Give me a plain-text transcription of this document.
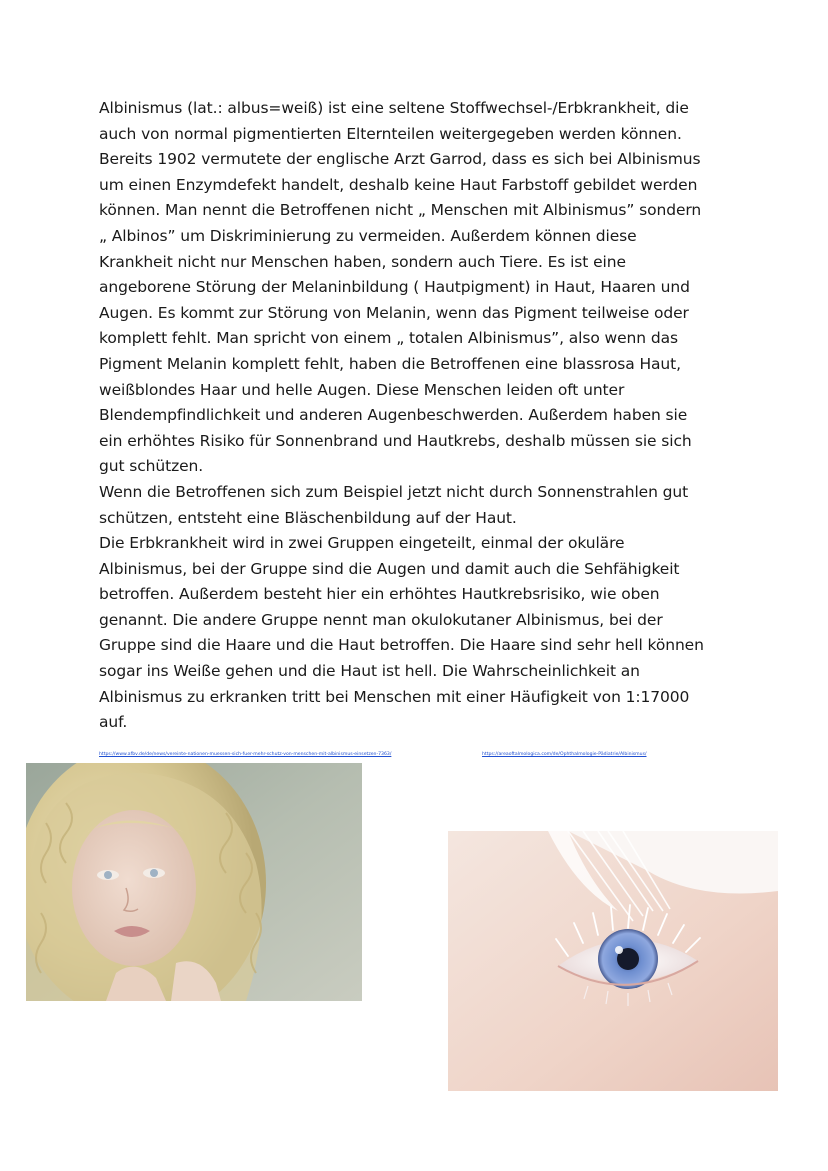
Albinismus (lat.: albus=weiß) ist eine seltene Stoffwechsel-/Erbkrankheit, die
auch von normal pigmentierten Elternteilen weitergegeben werden können.
Bereits 1902 vermutete der englische Arzt Garrod, dass es sich bei Albinismus
um einen Enzymdefekt handelt, deshalb keine Haut Farbstoff gebildet werden
können. Man nennt die Betroffenen nicht „ Menschen mit Albinismus” sondern
„ Albinos” um Diskriminierung zu vermeiden. Außerdem können diese
Krankheit nicht nur Menschen haben, sondern auch Tiere. Es ist eine
angeborene Störung der Melaninbildung ( Hautpigment) in Haut, Haaren und
Augen. Es kommt zur Störung von Melanin, wenn das Pigment teilweise oder
komplett fehlt. Man spricht von einem „ totalen Albinismus”, also wenn das
Pigment Melanin komplett fehlt, haben die Betroffenen eine blassrosa Haut,
weißblondes Haar und helle Augen. Diese Menschen leiden oft unter
Blendempfindlichkeit und anderen Augenbeschwerden. Außerdem haben sie
ein erhöhtes Risiko für Sonnenbrand und Hautkrebs, deshalb müssen sie sich
gut schützen.
Wenn die Betroffenen sich zum Beispiel jetzt nicht durch Sonnenstrahlen gut
schützen, entsteht eine Bläschenbildung auf der Haut.
Die Erbkrankheit wird in zwei Gruppen eingeteilt, einmal der okuläre
Albinismus, bei der Gruppe sind die Augen und damit auch die Sehfähigkeit
betroffen. Außerdem besteht hier ein erhöhtes Hautkrebsrisiko, wie oben
genannt. Die andere Gruppe nennt man okulokutaner Albinismus, bei der
Gruppe sind die Haare und die Haut betroffen. Die Haare sind sehr hell können
sogar ins Weiße gehen und die Haut ist hell. Die Wahrscheinlichkeit an
Albinismus zu erkranken tritt bei Menschen mit einer Häufigkeit von 1:17000
auf.
https://www.afbv.de/de/news/vereinte-nationen-muessen-sich-fuer-mehr-schutz-von-menschen-mit-albinismus-einsetzen-7363/	https://areaoftalmologica.com/de/Ophthalmologie-Pädiatrie/Albinismus/
